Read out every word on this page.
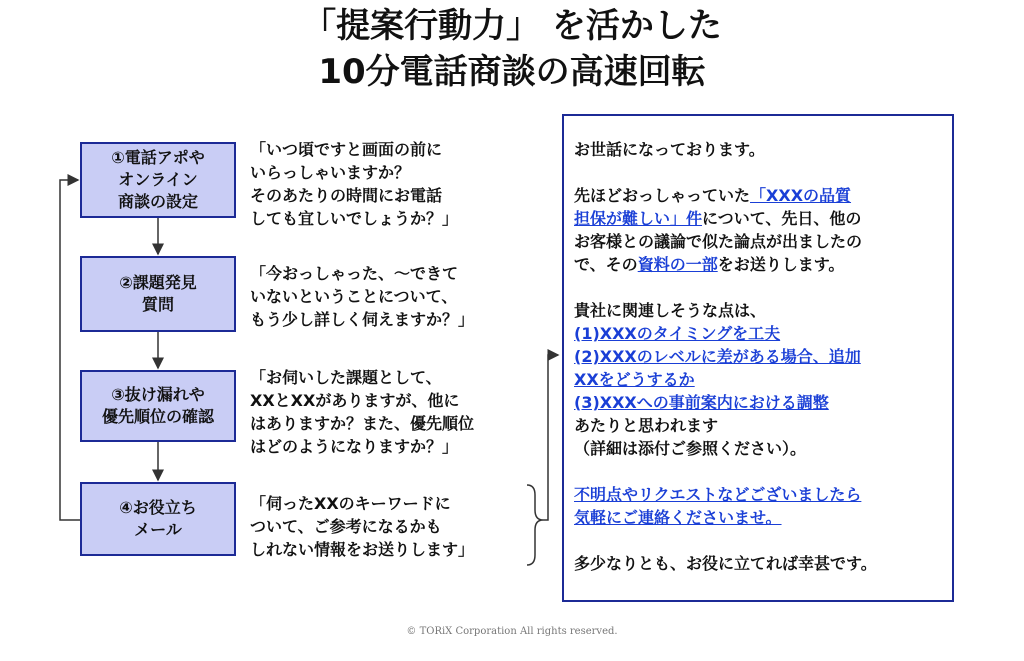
「提案行動力」 を活かした
10分電話商談の高速回転
①電話アポや
オンライン
商談の設定
②課題発見
質問
③抜け漏れや
優先順位の確認
④お役立ち
メール
「いつ頃ですと画面の前に
いらっしゃいますか？
そのあたりの時間にお電話
しても宜しいでしょうか？」
「今おっしゃった、〜できて
いないということについて、
もう少し詳しく伺えますか？」
「お伺いした課題として、
XXとXXがありますが、他に
はありますか？また、優先順位
はどのようになりますか？」
「伺ったXXのキーワードに
ついて、ご参考になるかも
しれない情報をお送りします」
お世話になっております。
先ほどおっしゃっていた「XXXの品質
担保が難しい」件について、先日、他の
お客様との議論で似た論点が出ましたの
で、その資料の一部をお送りします。
貴社に関連しそうな点は、
(1)XXXのタイミングを工夫
(2)XXXのレベルに差がある場合、追加
XXをどうするか
(3)XXXへの事前案内における調整
あたりと思われます
（詳細は添付ご参照ください）。
不明点やリクエストなどございましたら
気軽にご連絡くださいませ。
多少なりとも、お役に立てれば幸甚です。
© TORiX Corporation All rights reserved.
